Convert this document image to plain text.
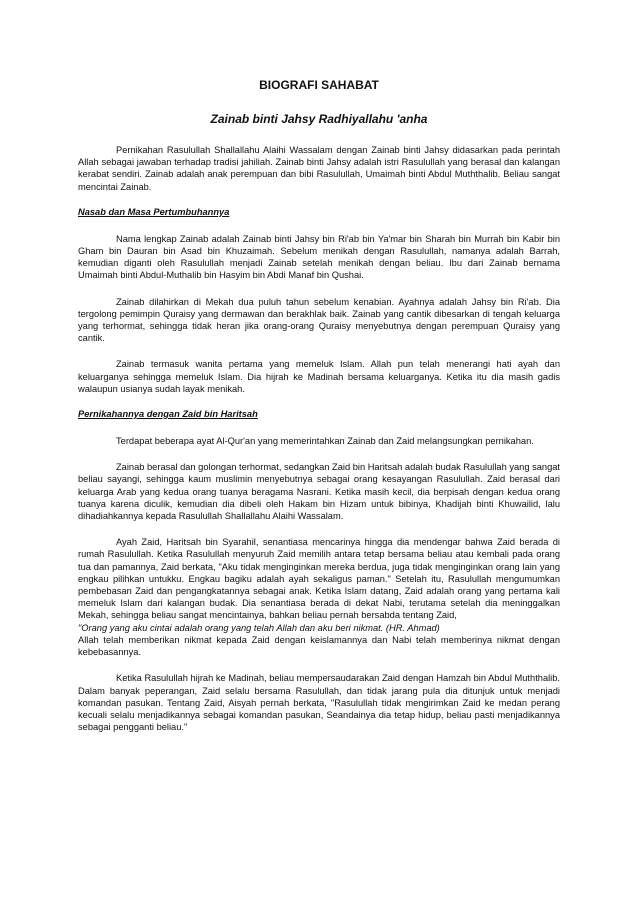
BIOGRAFI SAHABAT
Zainab binti Jahsy Radhiyallahu 'anha

Pernikahan Rasulullah Shallallahu Alaihi Wassalam dengan Zainab binti Jahsy didasarkan pada perintah Allah sebagai jawaban terhadap tradisi jahiliah. Zainab binti Jahsy adalah istri Rasulullah yang berasal dan kalangan kerabat sendiri. Zainab adalah anak perempuan dan bibi Rasulullah, Umaimah binti Abdul Muththalib. Beliau sangat mencintai Zainab.

Nasab dan Masa Pertumbuhannya

Nama lengkap Zainab adalah Zainab binti Jahsy bin Ri'ab bin Ya'mar bin Sharah bin Murrah bin Kabir bin Gham bin Dauran bin Asad bin Khuzaimah. Sebelum menikah dengan Rasulullah, namanya adalah Barrah, kemudian diganti oleh Rasulullah menjadi Zainab setelah menikah dengan beliau. Ibu dari Zainab bernama Umaimah binti Abdul-Muthalib bin Hasyim bin Abdi Manaf bin Qushai.

Zainab dilahirkan di Mekah dua puluh tahun sebelum kenabian. Ayahnya adalah Jahsy bin Ri'ab. Dia tergolong pemimpin Quraisy yang dermawan dan berakhlak baik. Zainab yang cantik dibesarkan di tengah keluarga yang terhormat, sehingga tidak heran jika orang-orang Quraisy menyebutnya dengan perempuan Quraisy yang cantik.

Zainab termasuk wanita pertama yang memeluk Islam. Allah pun telah menerangi hati ayah dan keluarganya sehingga memeluk Islam. Dia hijrah ke Madinah bersama keluarganya. Ketika itu dia masih gadis walaupun usianya sudah layak menikah.

Pernikahannya dengan Zaid bin Haritsah

Terdapat beberapa ayat Al-Qur'an yang memerintahkan Zainab dan Zaid melangsungkan pernikahan.

Zainab berasal dan golongan terhormat, sedangkan Zaid bin Haritsah adalah budak Rasulullah yang sangat beliau sayangi, sehingga kaum muslimin menyebutnya sebagai orang kesayangan Rasulullah. Zaid berasal dari keluarga Arab yang kedua orang tuanya beragama Nasrani. Ketika masih kecil, dia berpisah dengan kedua orang tuanya karena diculik, kemudian dia dibeli oleh Hakam bin Hizam untuk bibinya, Khadijah binti Khuwailid, lalu dihadiahkannya kepada Rasulullah Shallallahu Alaihi Wassalam.

Ayah Zaid, Haritsah bin Syarahil, senantiasa mencarinya hingga dia mendengar bahwa Zaid berada di rumah Rasulullah. Ketika Rasulullah menyuruh Zaid memilih antara tetap bersama beliau atau kembali pada orang tua dan pamannya, Zaid berkata, "Aku tidak menginginkan mereka berdua, juga tidak menginginkan orang lain yang engkau pilihkan untukku. Engkau bagiku adalah ayah sekaligus paman." Setelah itu, Rasulullah mengumumkan pembebasan Zaid dan pengangkatannya sebagai anak. Ketika Islam datang, Zaid adalah orang yang pertama kali memeluk Islam dari kalangan budak. Dia senantiasa berada di dekat Nabi, terutama setelah dia meninggalkan Mekah, sehingga beliau sangat mencintainya, bahkan beliau pernah bersabda tentang Zaid,

"Orang yang aku cintai adalah orang yang telah Allah dan aku beri nikmat. (HR. Ahmad)

Allah telah memberikan nikmat kepada Zaid dengan keislamannya dan Nabi telah memberinya nikmat dengan kebebasannya.

Ketika Rasulullah hijrah ke Madinah, beliau mempersaudarakan Zaid dengan Hamzah bin Abdul Muththalib. Dalam banyak peperangan, Zaid selalu bersama Rasulullah, dan tidak jarang pula dia ditunjuk untuk menjadi komandan pasukan. Tentang Zaid, Aisyah pernah berkata, "Rasulullah tidak mengirimkan Zaid ke medan perang kecuali selalu menjadikannya sebagai komandan pasukan, Seandainya dia tetap hidup, beliau pasti menjadikannya sebagai pengganti beliau."
